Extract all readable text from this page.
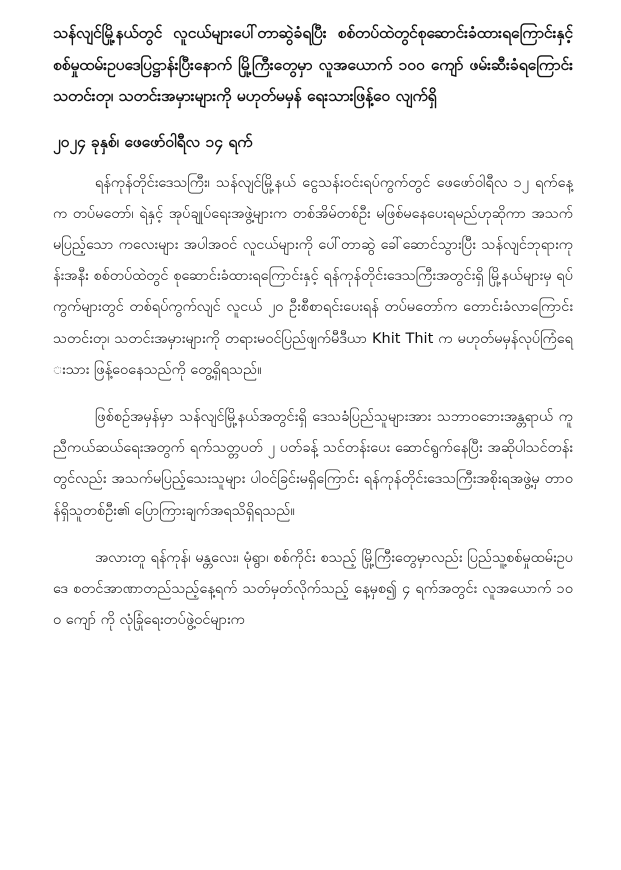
သန်လျင်မြို့နယ်တွင် လူငယ်များပေါ်တာဆွဲခံရပြီး စစ်တပ်ထဲတွင်စုဆောင်းခံထားရကြောင်းနှင့် စစ်မှုထမ်းဥပဒေပြဋ္ဌာန်းပြီးနောက် မြို့ကြီးတွေမှာ လူအယောက် ၁၀၀ ကျော် ဖမ်းဆီးခံရကြောင်း သတင်းတု၊ သတင်းအမှားများကို မဟုတ်မမှန် ရေးသားဖြန့်ဝေ လျက်ရှိ

၂၀၂၄ ခုနှစ်၊ ဖေဖော်ဝါရီလ ၁၄ ရက်

ရန်ကုန်တိုင်းဒေသကြီး၊ သန်လျင်မြို့နယ် ငွေသန်းဝင်းရပ်ကွက်တွင် ဖေဖော်ဝါရီလ ၁၂ ရက်နေ့က တပ်မတော်၊ ရဲနှင့် အုပ်ချုပ်ရေးအဖွဲ့များက တစ်အိမ်တစ်ဦး မဖြစ်မနေပေးရမည်ဟုဆိုကာ အသက်မပြည့်သော ကလေးများ အပါအဝင် လူငယ်များကို ပေါ်တာဆွဲ ခေါ်ဆောင်သွားပြီး သန်လျင်ဘုရားကုန်းအနီး စစ်တပ်ထဲတွင် စုဆောင်းခံထားရကြောင်းနှင့် ရန်ကုန်တိုင်းဒေသကြီးအတွင်းရှိ မြို့နယ်များမှ ရပ်ကွက်များတွင် တစ်ရပ်ကွက်လျင် လူငယ် ၂၀ ဦးစီစာရင်းပေးရန် တပ်မတော်က တောင်းခံလာကြောင်း သတင်းတု၊ သတင်းအမှားများကို တရားမဝင်ပြည်ဖျက်မီဒီယာ Khit Thit က မဟုတ်မမှန်လုပ်ကြံရေးသား ဖြန့်ဝေနေသည်ကို တွေ့ရှိရသည်။

ဖြစ်စဉ်အမှန်မှာ သန်လျင်မြို့နယ်အတွင်းရှိ ဒေသခံပြည်သူများအား သဘာဝဘေးအန္တရာယ် ကူညီကယ်ဆယ်ရေးအတွက် ရက်သတ္တပတ် ၂ ပတ်ခန့် သင်တန်းပေး ဆောင်ရွက်နေပြီး အဆိုပါသင်တန်းတွင်လည်း အသက်မပြည့်သေးသူများ ပါဝင်ခြင်းမရှိကြောင်း ရန်ကုန်တိုင်းဒေသကြီးအစိုးရအဖွဲ့မှ တာဝန်ရှိသူတစ်ဦး၏ ပြောကြားချက်အရသိရှိရသည်။

အလားတူ ရန်ကုန်၊ မန္တလေး၊ မုံရွာ၊ စစ်ကိုင်း စသည့် မြို့ကြီးတွေမှာလည်း ပြည်သူ့စစ်မှုထမ်းဥပဒေ စတင်အာဏာတည်သည့်နေ့ရက် သတ်မှတ်လိုက်သည့် နေ့မှစ၍ ၄ ရက်အတွင်း လူအယောက် ၁၀၀ ကျော် ကို လုံခြုံရေးတပ်ဖွဲ့ဝင်များက
